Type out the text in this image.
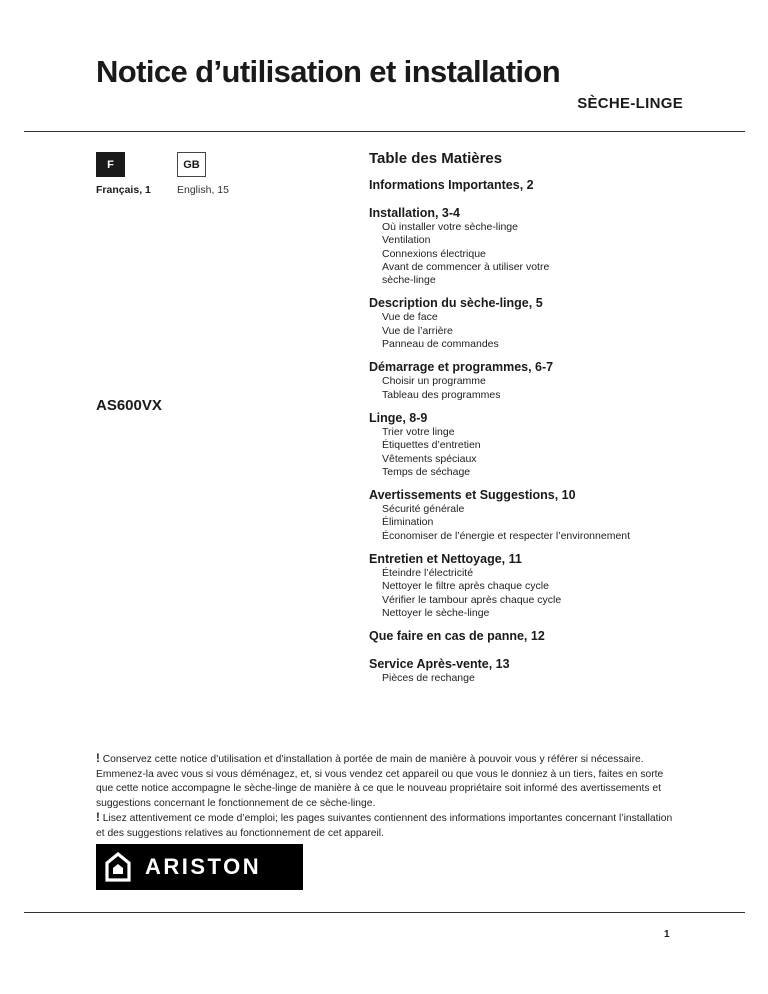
Notice d’utilisation et installation
SÈCHE-LINGE
F	GB
Français, 1 English, 15
AS600VX
Table des Matières
Informations Importantes, 2
Installation, 3-4
Où installer votre sèche-linge
Ventilation
Connexions électrique
Avant de commencer à utiliser votre
sèche-linge
Description du sèche-linge, 5
Vue de face
Vue de l’arrière
Panneau de commandes
Démarrage et programmes, 6-7
Choisir un programme
Tableau des programmes
Linge, 8-9
Trier votre linge
Étiquettes d’entretien
Vêtements spéciaux
Temps de séchage
Avertissements et Suggestions, 10
Sécurité générale
Élimination
Économiser de l’énergie et respecter l’environnement
Entretien et Nettoyage, 11
Éteindre l’électricité
Nettoyer le filtre après chaque cycle
Vérifier le tambour après chaque cycle
Nettoyer le sèche-linge
Que faire en cas de panne, 12
Service Après-vente, 13
Pièces de rechange

! Conservez cette notice d’utilisation et d’installation à portée de main de manière à pouvoir vous y référer si nécessaire. Emmenez-la avec vous si vous déménagez, et, si vous vendez cet appareil ou que vous le donniez à un tiers, faites en sorte que cette notice accompagne le sèche-linge de manière à ce que le nouveau propriétaire soit informé des avertissements et suggestions concernant le fonctionnement de ce sèche-linge.

! Lisez attentivement ce mode d’emploi; les pages suivantes contiennent des informations importantes concernant l’installation et des suggestions relatives au fonctionnement de cet appareil.

ARISTON
1
